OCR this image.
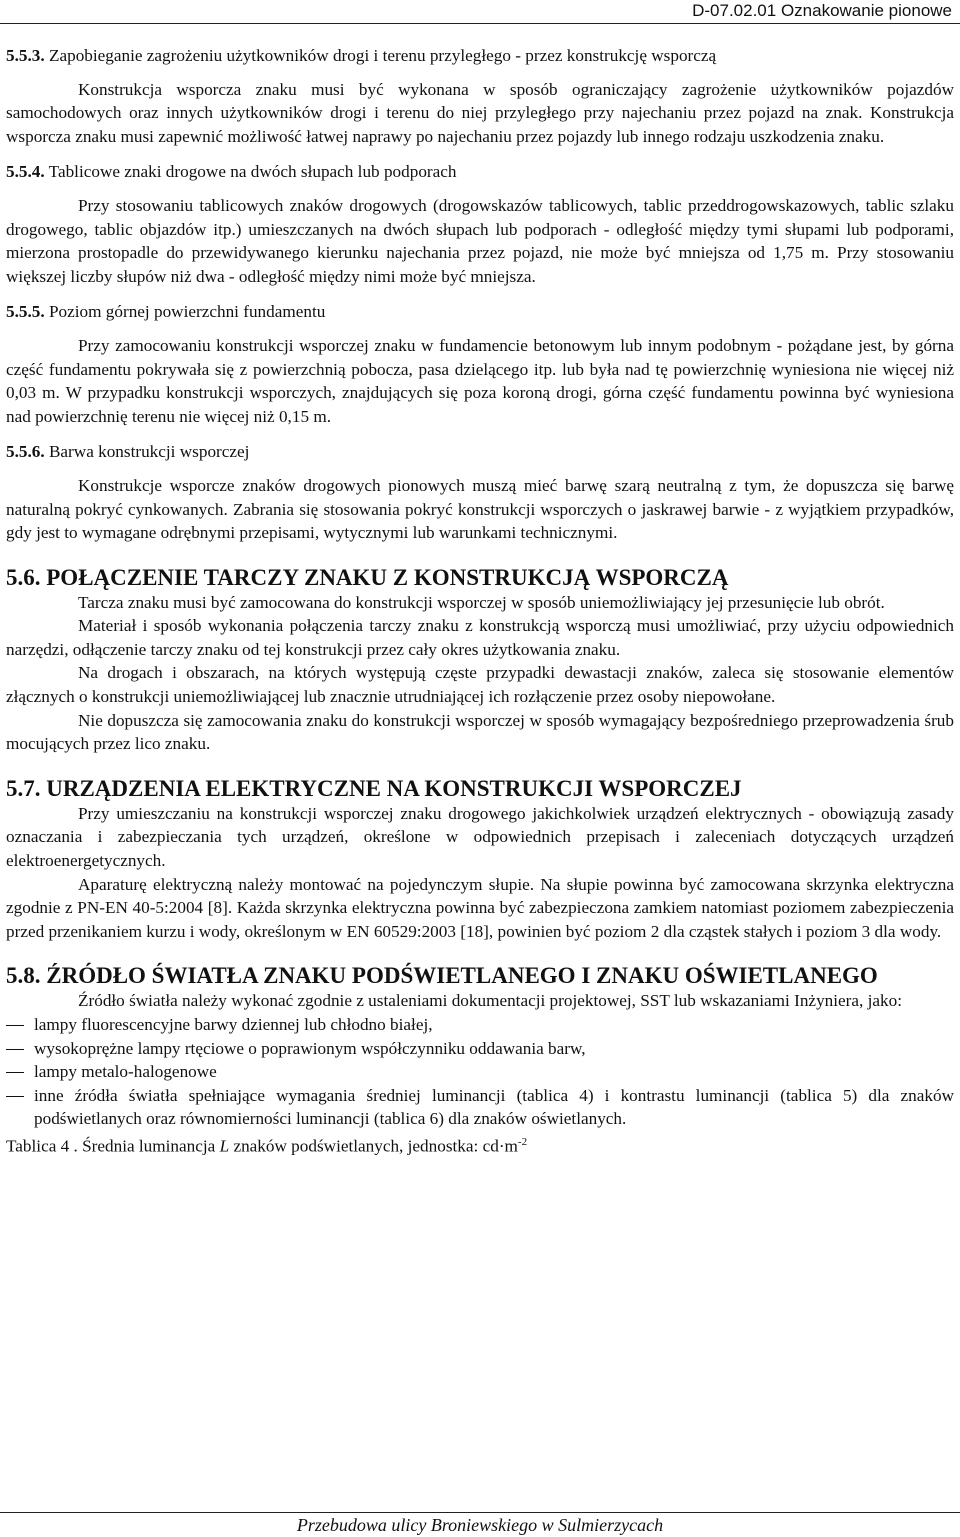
D-07.02.01 Oznakowanie pionowe

5.5.3. Zapobieganie zagrożeniu użytkowników drogi i terenu przyległego - przez konstrukcję wsporczą

Konstrukcja wsporcza znaku musi być wykonana w sposób ograniczający zagrożenie użytkowników pojazdów samochodowych oraz innych użytkowników drogi i terenu do niej przyległego przy najechaniu przez pojazd na znak. Konstrukcja wsporcza znaku musi zapewnić możliwość łatwej naprawy po najechaniu przez pojazdy lub innego rodzaju uszkodzenia znaku.

5.5.4. Tablicowe znaki drogowe na dwóch słupach lub podporach

Przy stosowaniu tablicowych znaków drogowych (drogowskazów tablicowych, tablic przeddrogowskazowych, tablic szlaku drogowego, tablic objazdów itp.) umieszczanych na dwóch słupach lub podporach - odległość między tymi słupami lub podporami, mierzona prostopadle do przewidywanego kierunku najechania przez pojazd, nie może być mniejsza od 1,75 m. Przy stosowaniu większej liczby słupów niż dwa - odległość między nimi może być mniejsza.

5.5.5. Poziom górnej powierzchni fundamentu

Przy zamocowaniu konstrukcji wsporczej znaku w fundamencie betonowym lub innym podobnym - pożądane jest, by górna część fundamentu pokrywała się z powierzchnią pobocza, pasa dzielącego itp. lub była nad tę powierzchnię wyniesiona nie więcej niż 0,03 m. W przypadku konstrukcji wsporczych, znajdujących się poza koroną drogi, górna część fundamentu powinna być wyniesiona nad powierzchnię terenu nie więcej niż 0,15 m.

5.5.6. Barwa konstrukcji wsporczej

Konstrukcje wsporcze znaków drogowych pionowych muszą mieć barwę szarą neutralną z tym, że dopuszcza się barwę naturalną pokryć cynkowanych. Zabrania się stosowania pokryć konstrukcji wsporczych o jaskrawej barwie - z wyjątkiem przypadków, gdy jest to wymagane odrębnymi przepisami, wytycznymi lub warunkami technicznymi.

5.6. POŁĄCZENIE TARCZY ZNAKU Z KONSTRUKCJĄ WSPORCZĄ

Tarcza znaku musi być zamocowana do konstrukcji wsporczej w sposób uniemożliwiający jej przesunięcie lub obrót.

Materiał i sposób wykonania połączenia tarczy znaku z konstrukcją wsporczą musi umożliwiać, przy użyciu odpowiednich narzędzi, odłączenie tarczy znaku od tej konstrukcji przez cały okres użytkowania znaku.

Na drogach i obszarach, na których występują częste przypadki dewastacji znaków, zaleca się stosowanie elementów złącznych o konstrukcji uniemożliwiającej lub znacznie utrudniającej ich rozłączenie przez osoby niepowołane.

Nie dopuszcza się zamocowania znaku do konstrukcji wsporczej w sposób wymagający bezpośredniego przeprowadzenia śrub mocujących przez lico znaku.

5.7. URZĄDZENIA ELEKTRYCZNE NA KONSTRUKCJI WSPORCZEJ

Przy umieszczaniu na konstrukcji wsporczej znaku drogowego jakichkolwiek urządzeń elektrycznych - obowiązują zasady oznaczania i zabezpieczania tych urządzeń, określone w odpowiednich przepisach i zaleceniach dotyczących urządzeń elektroenergetycznych.

Aparaturę elektryczną należy montować na pojedynczym słupie. Na słupie powinna być zamocowana skrzynka elektryczna zgodnie z PN-EN 40-5:2004 [8]. Każda skrzynka elektryczna powinna być zabezpieczona zamkiem natomiast poziomem zabezpieczenia przed przenikaniem kurzu i wody, określonym w EN 60529:2003 [18], powinien być poziom 2 dla cząstek stałych i poziom 3 dla wody.

5.8. ŹRÓDŁO ŚWIATŁA ZNAKU PODŚWIETLANEGO I ZNAKU OŚWIETLANEGO

Źródło światła należy wykonać zgodnie z ustaleniami dokumentacji projektowej, SST lub wskazaniami Inżyniera, jako:

lampy fluorescencyjne barwy dziennej lub chłodno białej,
wysokoprężne lampy rtęciowe o poprawionym współczynniku oddawania barw,
lampy metalo-halogenowe
inne źródła światła spełniające wymagania średniej luminancji (tablica 4) i kontrastu luminancji (tablica 5) dla znaków podświetlanych oraz równomierności luminancji (tablica 6) dla znaków oświetlanych.

Tablica 4 . Średnia luminancja L znaków podświetlanych, jednostka: $cd\cdot m^{-2}$

Przebudowa ulicy Broniewskiego w Sulmierzycach
